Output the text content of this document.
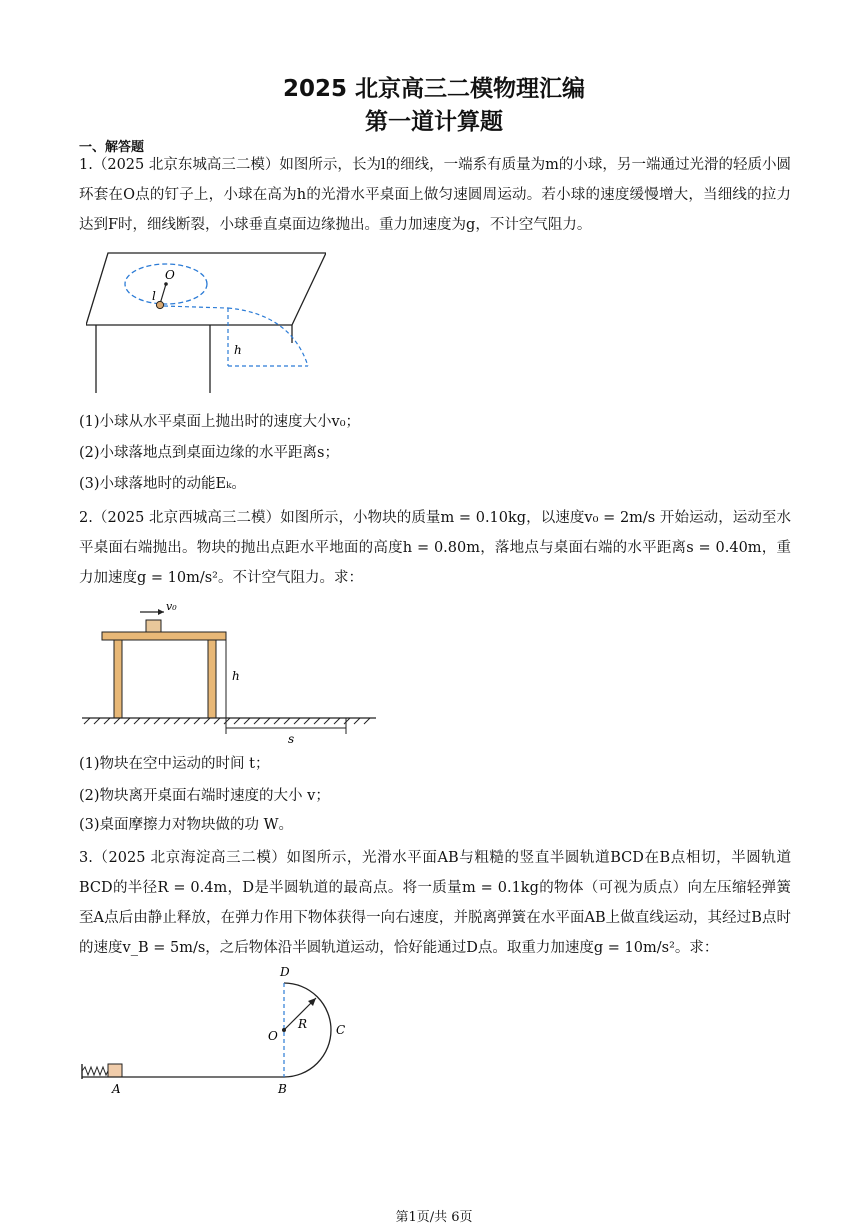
2025 北京高三二模物理汇编
第一道计算题
一、解答题
1.（2025 北京东城高三二模）如图所示，长为l的细线，一端系有质量为m的小球，另一端通过光滑的轻质小圆环套在O点的钉子上，小球在高为h的光滑水平桌面上做匀速圆周运动。若小球的速度缓慢增大，当细线的拉力达到F时，细线断裂，小球垂直桌面边缘抛出。重力加速度为g，不计空气阻力。
O
l
h
(1)小球从水平桌面上抛出时的速度大小v₀；
(2)小球落地点到桌面边缘的水平距离s；
(3)小球落地时的动能Eₖ。
2.（2025 北京西城高三二模）如图所示，小物块的质量m = 0.10kg，以速度v₀ = 2m/s 开始运动，运动至水平桌面右端抛出。物块的抛出点距水平地面的高度h = 0.80m，落地点与桌面右端的水平距离s = 0.40m，重力加速度g = 10m/s²。不计空气阻力。求：
v₀
h
s
(1)物块在空中运动的时间 t；
(2)物块离开桌面右端时速度的大小 v；
(3)桌面摩擦力对物块做的功 W。
3.（2025 北京海淀高三二模）如图所示，光滑水平面AB与粗糙的竖直半圆轨道BCD在B点相切，半圆轨道BCD的半径R = 0.4m，D是半圆轨道的最高点。将一质量m = 0.1kg的物体（可视为质点）向左压缩轻弹簧至A点后由静止释放，在弹力作用下物体获得一向右速度，并脱离弹簧在水平面AB上做直线运动，其经过B点时的速度v_B = 5m/s，之后物体沿半圆轨道运动，恰好能通过D点。取重力加速度g = 10m/s²。求：
D
O
R C
A	B
第1页/共 6页
